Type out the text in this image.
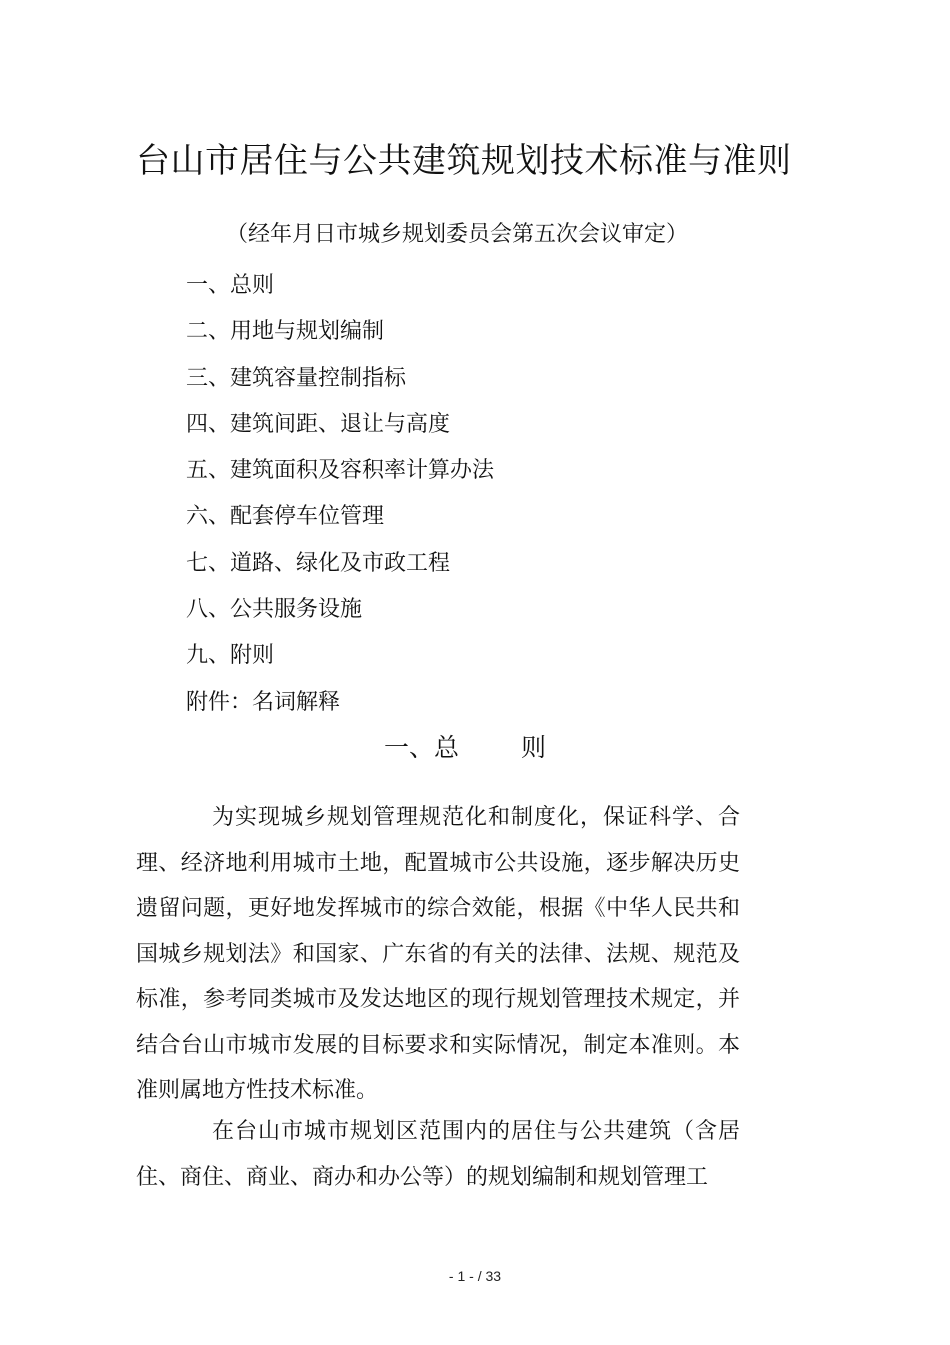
台山市居住与公共建筑规划技术标准与准则
（经年月日市城乡规划委员会第五次会议审定）
一、总则
二、用地与规划编制
三、建筑容量控制指标
四、建筑间距、退让与高度
五、建筑面积及容积率计算办法
六、配套停车位管理
七、道路、绿化及市政工程
八、公共服务设施
九、附则
附件：名词解释
一、总 则

为实现城乡规划管理规范化和制度化，保证科学、合理、经济地利用城市土地，配置城市公共设施，逐步解决历史遗留问题，更好地发挥城市的综合效能，根据《中华人民共和国城乡规划法》和国家、广东省的有关的法律、法规、规范及标准，参考同类城市及发达地区的现行规划管理技术规定，并结合台山市城市发展的目标要求和实际情况，制定本准则。本准则属地方性技术标准。

在台山市城市规划区范围内的居住与公共建筑（含居住、商住、商业、商办和办公等）的规划编制和规划管理工

- 1 - / 33
